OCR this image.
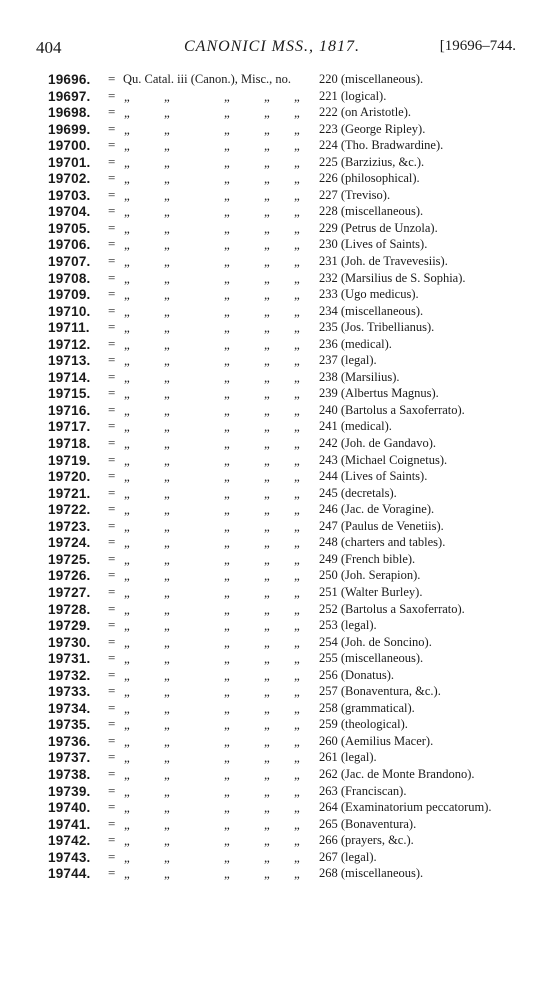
404	CANONICI MSS., 1817.	[19696–744.
19696. = Qu. Catal. iii (Canon.), Misc., no. 220 (miscellaneous).
19697. = „	„	„	„ „ 221 (logical).
19698. = „	„	„	„ „ 222 (on Aristotle).
19699. = „	„	„	„ „ 223 (George Ripley).
19700. = „	„	„	„ „ 224 (Tho. Bradwardine).
19701. = „	„	„	„ „ 225 (Barzizius, &c.).
19702. = „	„	„	„ „ 226 (philosophical).
19703. = „	„	„	„ „ 227 (Treviso).
19704. = „	„	„	„ „ 228 (miscellaneous).
19705. = „	„	„	„ „ 229 (Petrus de Unzola).
19706. = „	„	„	„ „ 230 (Lives of Saints).
19707. = „	„	„	„ „ 231 (Joh. de Travevesiis).
19708. = „	„	„	„ „ 232 (Marsilius de S. Sophia).
19709. = „	„	„	„ „ 233 (Ugo medicus).
19710. = „	„	„	„ „ 234 (miscellaneous).
19711. = „	„	„	„ „ 235 (Jos. Tribellianus).
19712. = „	„	„	„ „ 236 (medical).
19713. = „	„	„	„ „ 237 (legal).
19714. = „	„	„	„ „ 238 (Marsilius).
19715. = „	„	„	„ „ 239 (Albertus Magnus).
19716. = „	„	„	„ „ 240 (Bartolus a Saxoferrato).
19717. = „	„	„	„ „ 241 (medical).
19718. = „	„	„	„ „ 242 (Joh. de Gandavo).
19719. = „	„	„	„ „ 243 (Michael Coignetus).
19720. = „	„	„	„ „ 244 (Lives of Saints).
19721. = „	„	„	„ „ 245 (decretals).
19722. = „	„	„	„ „ 246 (Jac. de Voragine).
19723. = „	„	„	„ „ 247 (Paulus de Venetiis).
19724. = „	„	„	„ „ 248 (charters and tables).
19725. = „	„	„	„ „ 249 (French bible).
19726. = „	„	„	„ „ 250 (Joh. Serapion).
19727. = „	„	„	„ „ 251 (Walter Burley).
19728. = „	„	„	„ „ 252 (Bartolus a Saxoferrato).
19729. = „	„	„	„ „ 253 (legal).
19730. = „	„	„	„ „ 254 (Joh. de Soncino).
19731. = „	„	„	„ „ 255 (miscellaneous).
19732. = „	„	„	„ „ 256 (Donatus).
19733. = „	„	„	„ „ 257 (Bonaventura, &c.).
19734. = „	„	„	„ „ 258 (grammatical).
19735. = „	„	„	„ „ 259 (theological).
19736. = „	„	„	„ „ 260 (Aemilius Macer).
19737. = „	„	„	„ „ 261 (legal).
19738. = „	„	„	„ „ 262 (Jac. de Monte Brandono).
19739. = „	„	„	„ „ 263 (Franciscan).
19740. = „	„	„	„ „ 264 (Examinatorium peccatorum).
19741. = „	„	„	„ „ 265 (Bonaventura).
19742. = „	„	„	„ „ 266 (prayers, &c.).
19743. = „	„	„	„ „ 267 (legal).
19744. = „	„	„	„ „ 268 (miscellaneous).
